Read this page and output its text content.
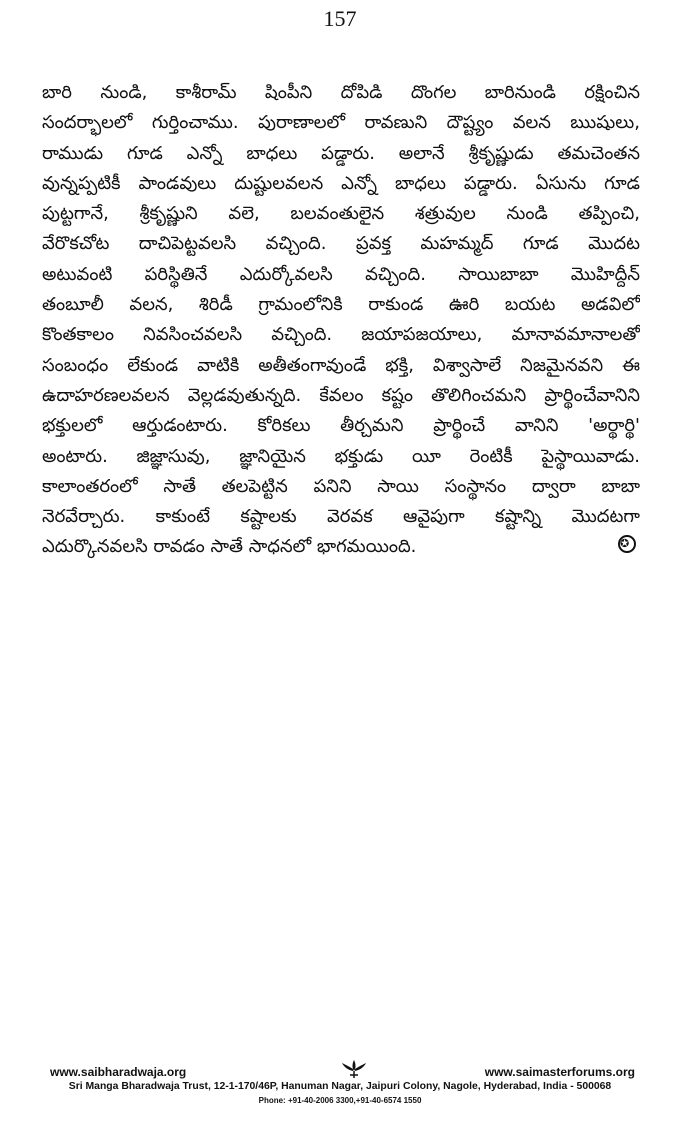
157
బారి నుండి, కాశీరామ్ షింపీని దోపిడి దొంగల బారినుండి రక్షించిన
సందర్భాలలో గుర్తించాము. పురాణాలలో రావణుని దౌష్ట్యం వలన ఋషులు,
రాముడు గూడ ఎన్నో బాధలు పడ్డారు. అలానే శ్రీకృష్ణుడు తమచెంతన
వున్నప్పటికీ పాండవులు దుష్టులవలన ఎన్నో బాధలు పడ్డారు. ఏసును గూడ
పుట్టగానే, శ్రీకృష్ణుని వలె, బలవంతులైన శత్రువుల నుండి తప్పించి,
వేరొకచోట దాచిపెట్టవలసి వచ్చింది. ప్రవక్త మహమ్మద్ గూడ మొదట
అటువంటి పరిస్థితినే ఎదుర్కోవలసి వచ్చింది. సాయిబాబా మొహిద్దీన్
తంబూలీ వలన, శిరిడీ గ్రామంలోనికి రాకుండ ఊరి బయట అడవిలో
కొంతకాలం నివసించవలసి వచ్చింది. జయాపజయాలు, మానావమానాలతో
సంబంధం లేకుండ వాటికి అతీతంగావుండే భక్తి, విశ్వాసాలే నిజమైనవని ఈ
ఉదాహరణలవలన వెల్లడవుతున్నది. కేవలం కష్టం తొలిగించమని ప్రార్థించేవానిని
భక్తులలో ఆర్తుడంటారు. కోరికలు తీర్చమని ప్రార్థించే వానిని 'అర్థార్థి'
అంటారు. జిజ్ఞాసువు, జ్ఞానియైన భక్తుడు యీ రెంటికీ పైస్థాయివాడు.
కాలాంతరంలో సాతే తలపెట్టిన పనిని సాయి సంస్థానం ద్వారా బాబా
నెరవేర్చారు. కాకుంటే కష్టాలకు వెరవక ఆవైపుగా కష్టాన్ని మొదటగా
ఎదుర్కొనవలసి రావడం సాతే సాధనలో భాగమయింది.	✪
www.saibharadwaja.org	www.saimasterforums.org
Sri Manga Bharadwaja Trust, 12-1-170/46P, Hanuman Nagar, Jaipuri Colony, Nagole, Hyderabad, India - 500068
Phone: +91-40-2006 3300,+91-40-6574 1550
